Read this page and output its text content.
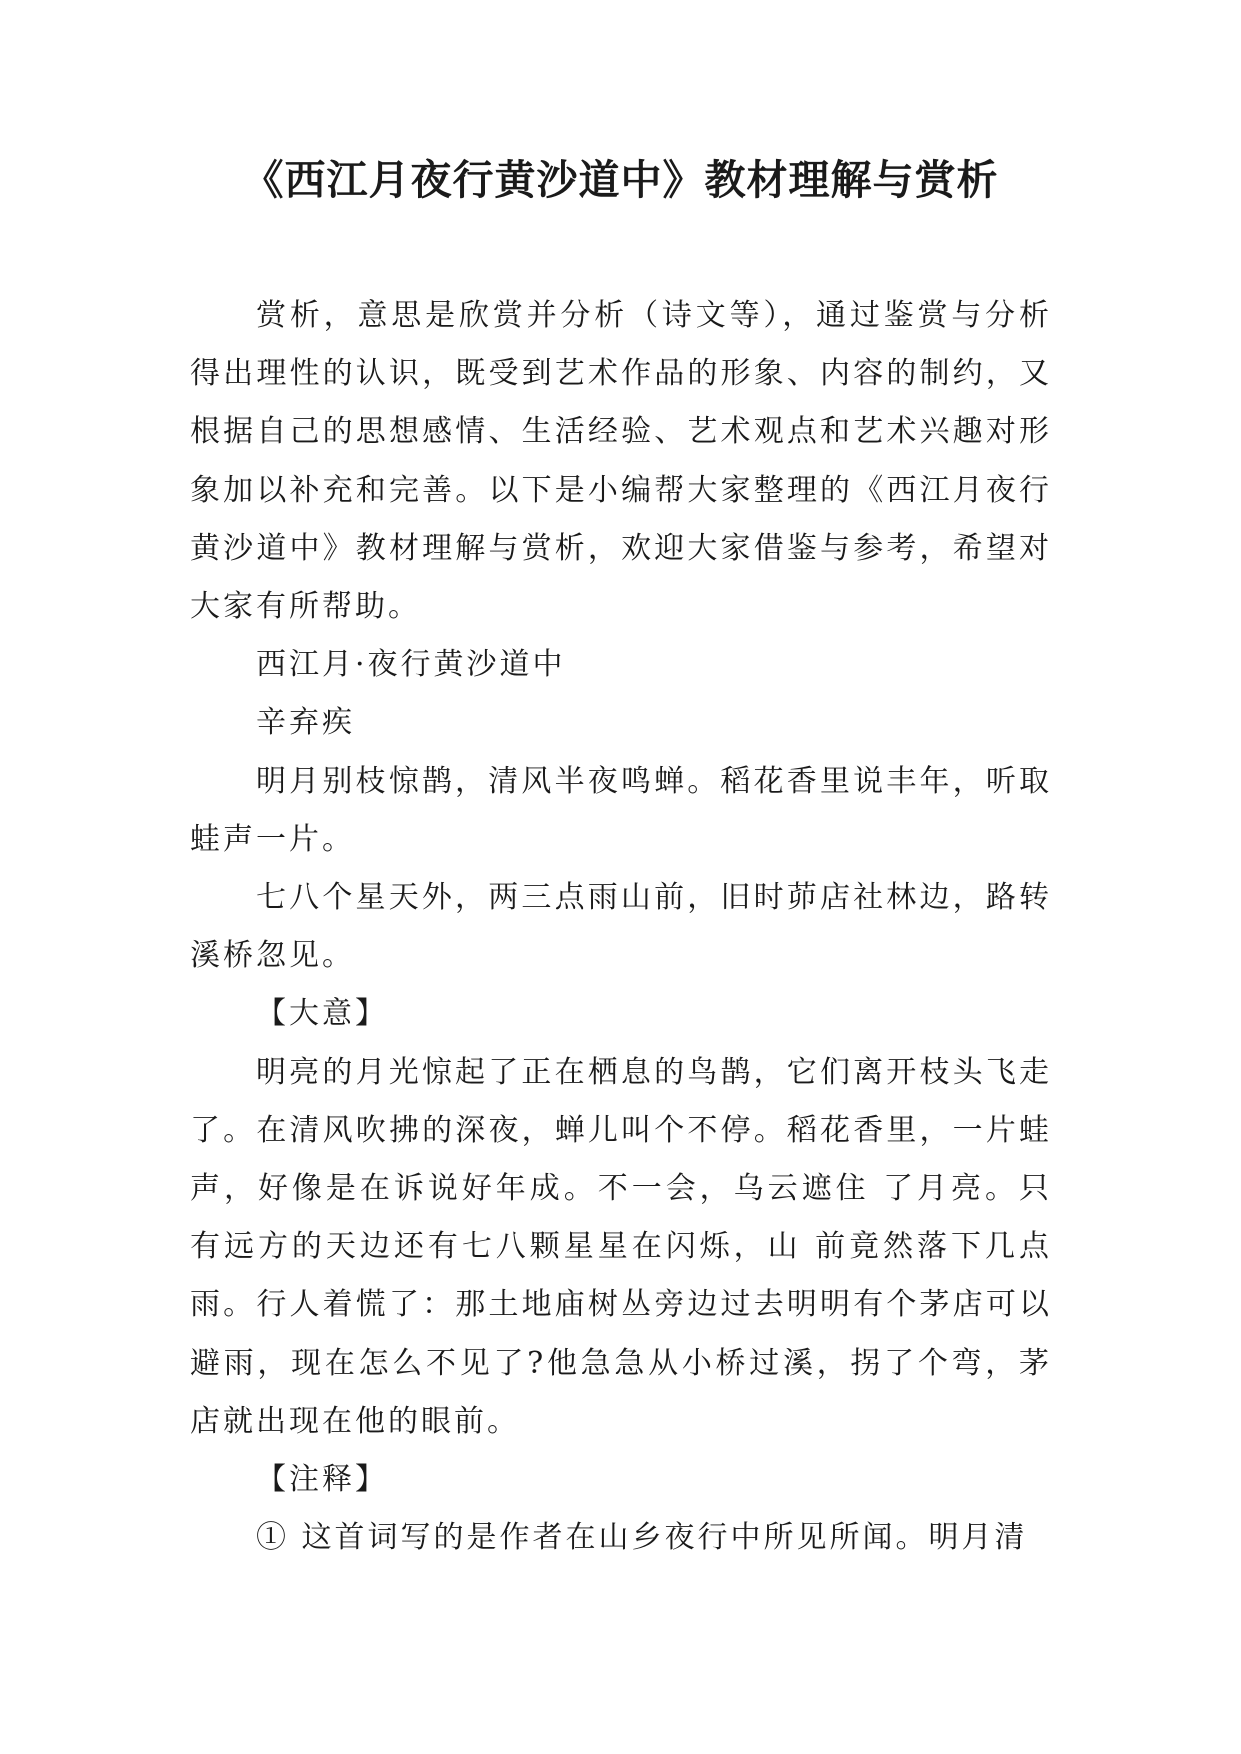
《西江月夜行黄沙道中》教材理解与赏析

赏析，意思是欣赏并分析（诗文等），通过鉴赏与分析得出理性的认识，既受到艺术作品的形象、内容的制约，又根据自己的思想感情、生活经验、艺术观点和艺术兴趣对形象加以补充和完善。以下是小编帮大家整理的《西江月夜行黄沙道中》教材理解与赏析，欢迎大家借鉴与参考，希望对大家有所帮助。

西江月·夜行黄沙道中

辛弃疾

明月别枝惊鹊，清风半夜鸣蝉。稻花香里说丰年，听取蛙声一片。

七八个星天外，两三点雨山前，旧时茆店社林边，路转溪桥忽见。

【大意】

明亮的月光惊起了正在栖息的鸟鹊，它们离开枝头飞走了。在清风吹拂的深夜，蝉儿叫个不停。稻花香里，一片蛙声，好像是在诉说好年成。不一会，乌云遮住 了月亮。只有远方的天边还有七八颗星星在闪烁，山 前竟然落下几点雨。行人着慌了：那土地庙树丛旁边过去明明有个茅店可以避雨，现在怎么不见了?他急急从小桥过溪，拐了个弯，茅店就出现在他的眼前。

【注释】

① 这首词写的是作者在山乡夜行中所见所闻。明月清
